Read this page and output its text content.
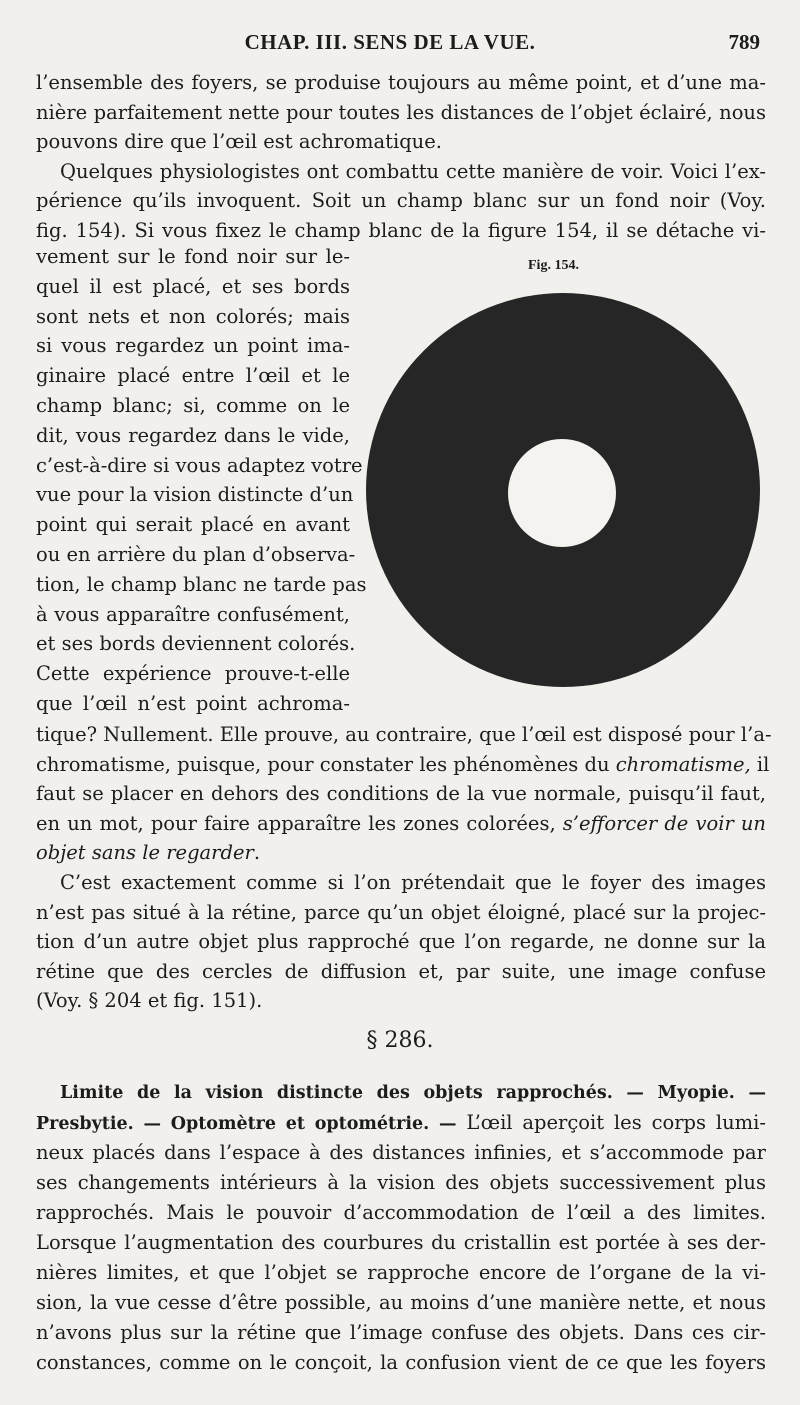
CHAP. III. SENS DE LA VUE.	789
l’ensemble des foyers, se produise toujours au même point, et d’une ma-
nière parfaitement nette pour toutes les distances de l’objet éclairé, nous
pouvons dire que l’œil est achromatique.
Quelques physiologistes ont combattu cette manière de voir. Voici l’ex-
périence qu’ils invoquent. Soit un champ blanc sur un fond noir (Voy.
fig. 154). Si vous fixez le champ blanc de la figure 154, il se détache vi-
vement sur le fond noir sur le-
quel il est placé, et ses bords
sont nets et non colorés; mais
si vous regardez un point ima-
ginaire placé entre l’œil et le
champ blanc; si, comme on le
dit, vous regardez dans le vide,
c’est-à-dire si vous adaptez votre
vue pour la vision distincte d’un
point qui serait placé en avant
ou en arrière du plan d’observa-
tion, le champ blanc ne tarde pas
à vous apparaître confusément,
et ses bords deviennent colorés.
Cette expérience prouve-t-elle
que l’œil n’est point achroma-
Fig. 154.
tique? Nullement. Elle prouve, au contraire, que l’œil est disposé pour l’a-
chromatisme, puisque, pour constater les phénomènes du chromatisme, il
faut se placer en dehors des conditions de la vue normale, puisqu’il faut,
en un mot, pour faire apparaître les zones colorées, s’efforcer de voir un
objet sans le regarder.
C’est exactement comme si l’on prétendait que le foyer des images
n’est pas situé à la rétine, parce qu’un objet éloigné, placé sur la projec-
tion d’un autre objet plus rapproché que l’on regarde, ne donne sur la
rétine que des cercles de diffusion et, par suite, une image confuse
(Voy. § 204 et fig. 151).
§ 286.
Limite de la vision distincte des objets rapprochés. — Myopie. —
Presbytie. — Optomètre et optométrie. — L’œil aperçoit les corps lumi-
neux placés dans l’espace à des distances infinies, et s’accommode par
ses changements intérieurs à la vision des objets successivement plus
rapprochés. Mais le pouvoir d’accommodation de l’œil a des limites.
Lorsque l’augmentation des courbures du cristallin est portée à ses der-
nières limites, et que l’objet se rapproche encore de l’organe de la vi-
sion, la vue cesse d’être possible, au moins d’une manière nette, et nous
n’avons plus sur la rétine que l’image confuse des objets. Dans ces cir-
constances, comme on le conçoit, la confusion vient de ce que les foyers
